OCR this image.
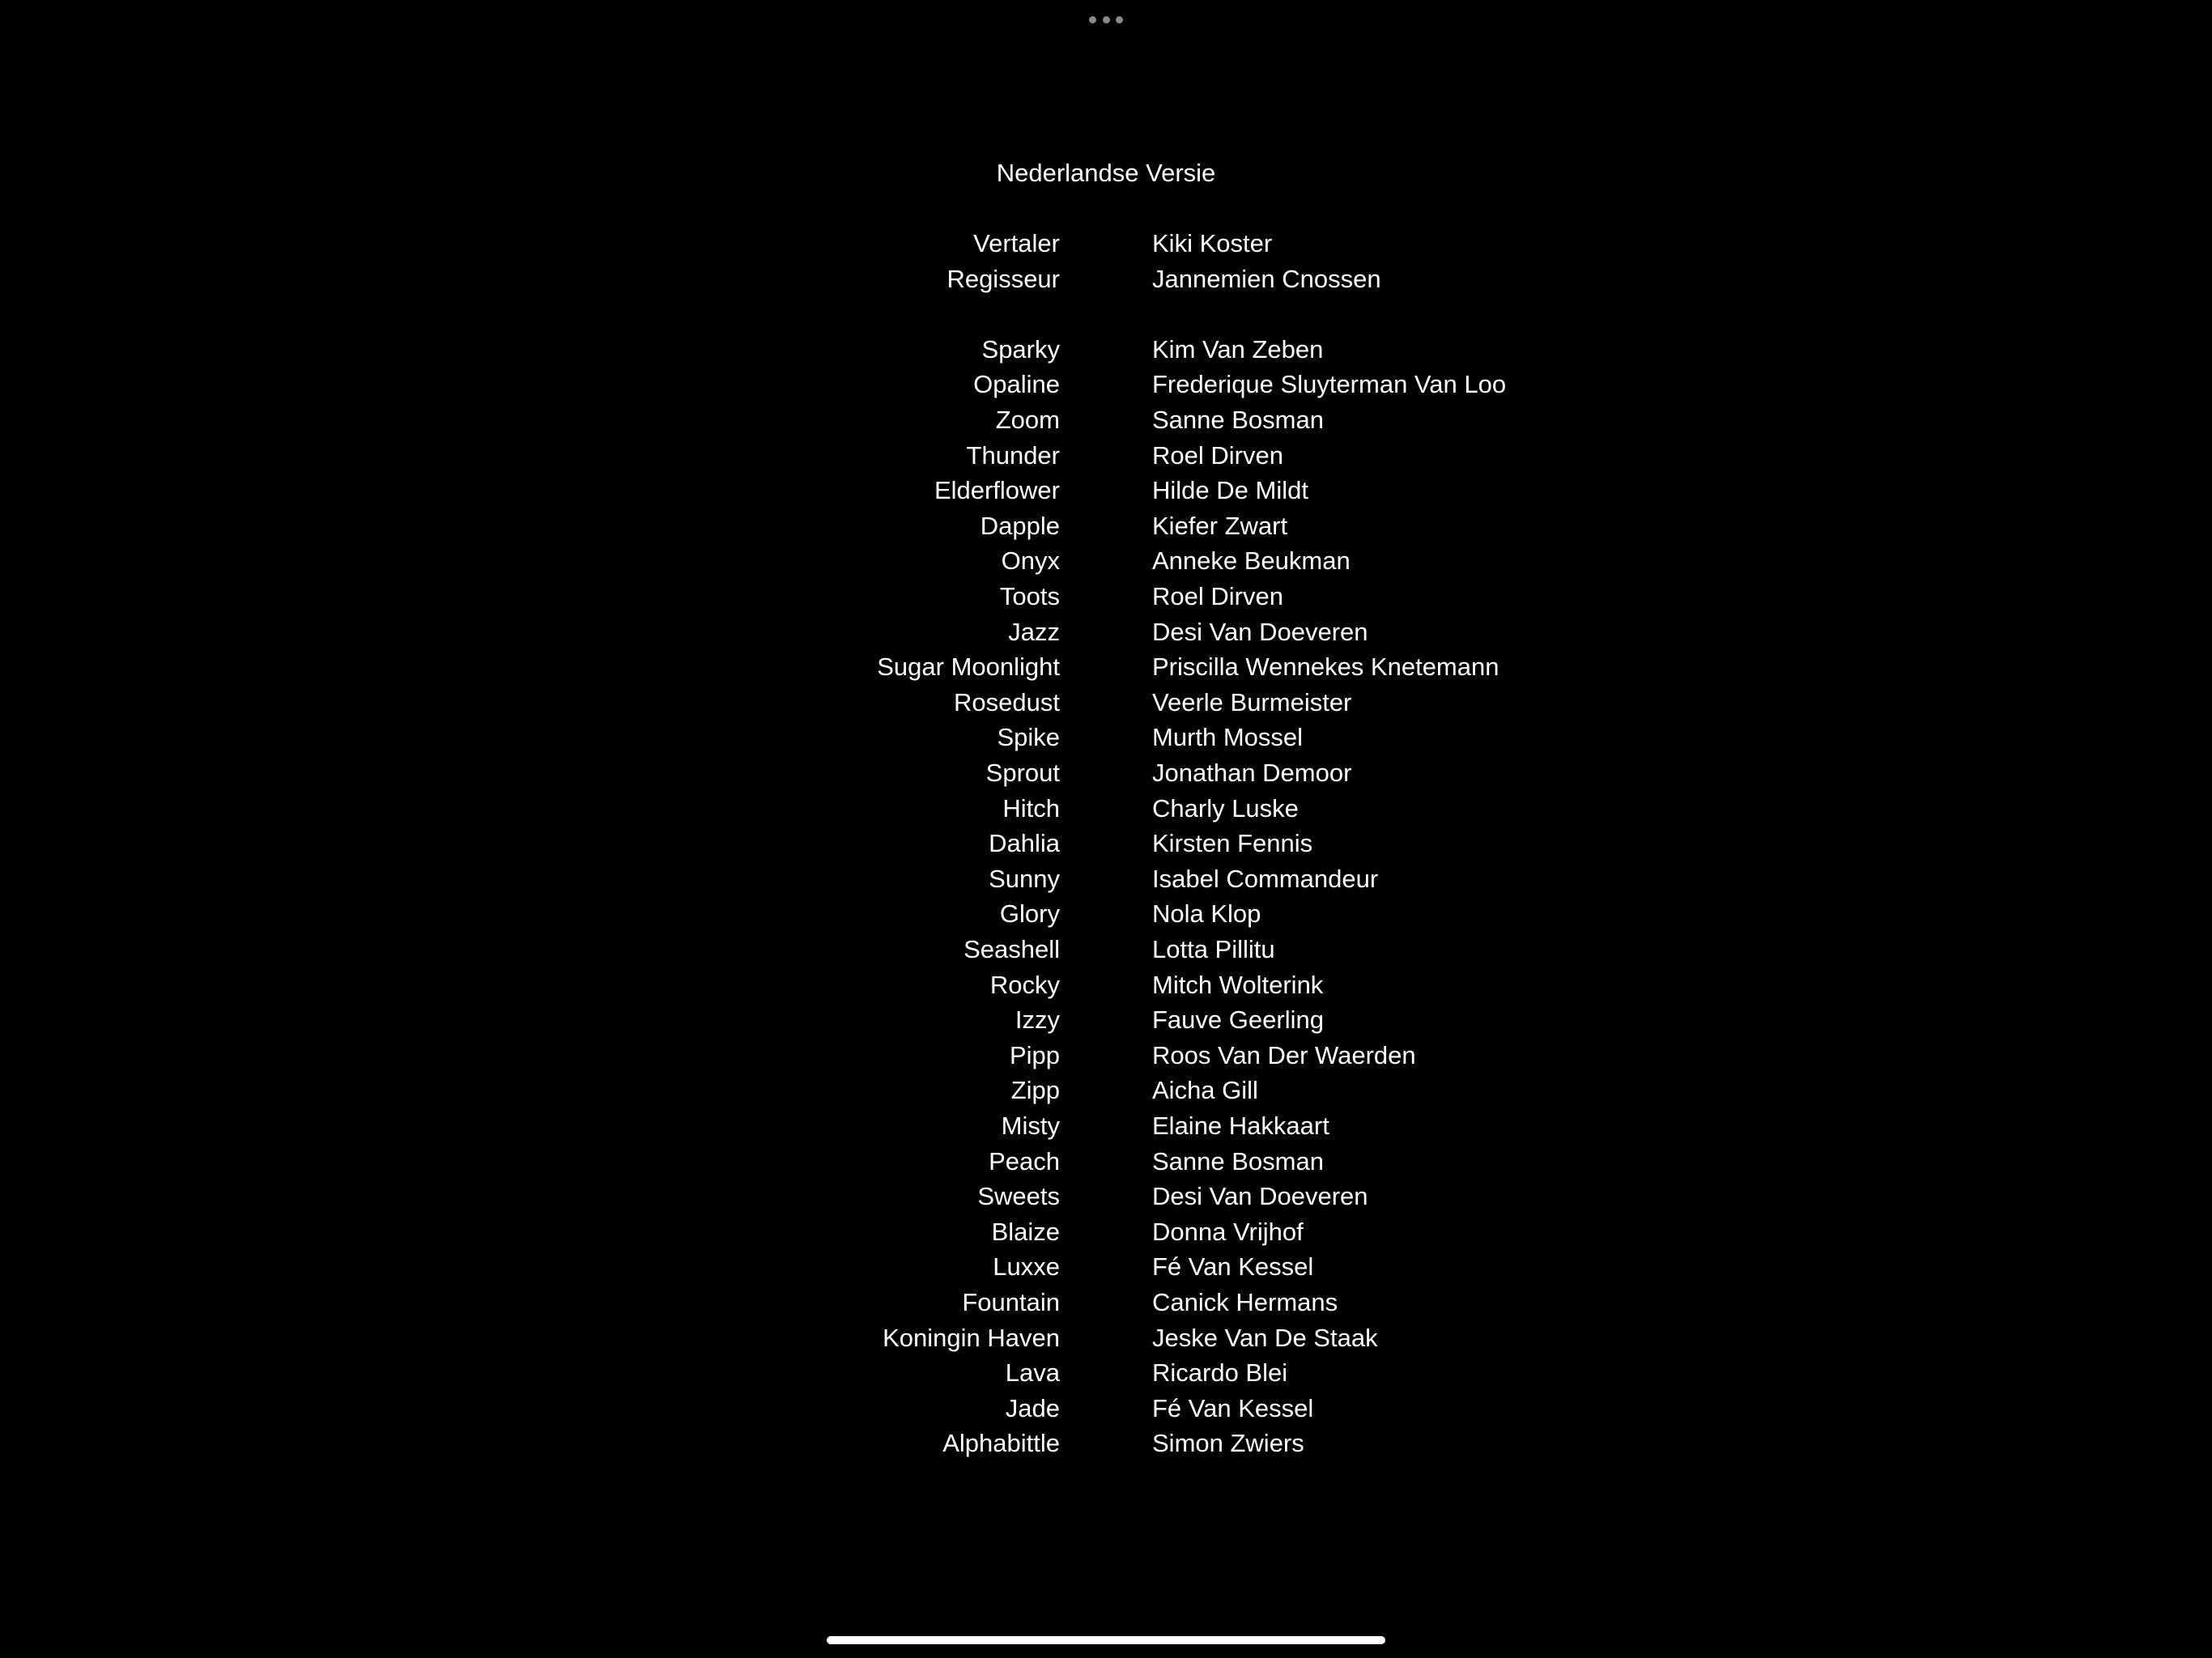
Nederlandse Versie
Vertaler	Kiki Koster
Regisseur	Jannemien Cnossen
Sparky	Kim Van Zeben
Opaline	Frederique Sluyterman Van Loo
Zoom	Sanne Bosman
Thunder	Roel Dirven
Elderflower	Hilde De Mildt
Dapple	Kiefer Zwart
Onyx	Anneke Beukman
Toots	Roel Dirven
Jazz	Desi Van Doeveren
Sugar Moonlight	Priscilla Wennekes Knetemann
Rosedust	Veerle Burmeister
Spike	Murth Mossel
Sprout	Jonathan Demoor
Hitch	Charly Luske
Dahlia	Kirsten Fennis
Sunny	Isabel Commandeur
Glory	Nola Klop
Seashell	Lotta Pillitu
Rocky	Mitch Wolterink
Izzy	Fauve Geerling
Pipp	Roos Van Der Waerden
Zipp	Aicha Gill
Misty	Elaine Hakkaart
Peach	Sanne Bosman
Sweets	Desi Van Doeveren
Blaize	Donna Vrijhof
Luxxe	Fé Van Kessel
Fountain	Canick Hermans
Koningin Haven	Jeske Van De Staak
Lava	Ricardo Blei
Jade	Fé Van Kessel
Alphabittle	Simon Zwiers
